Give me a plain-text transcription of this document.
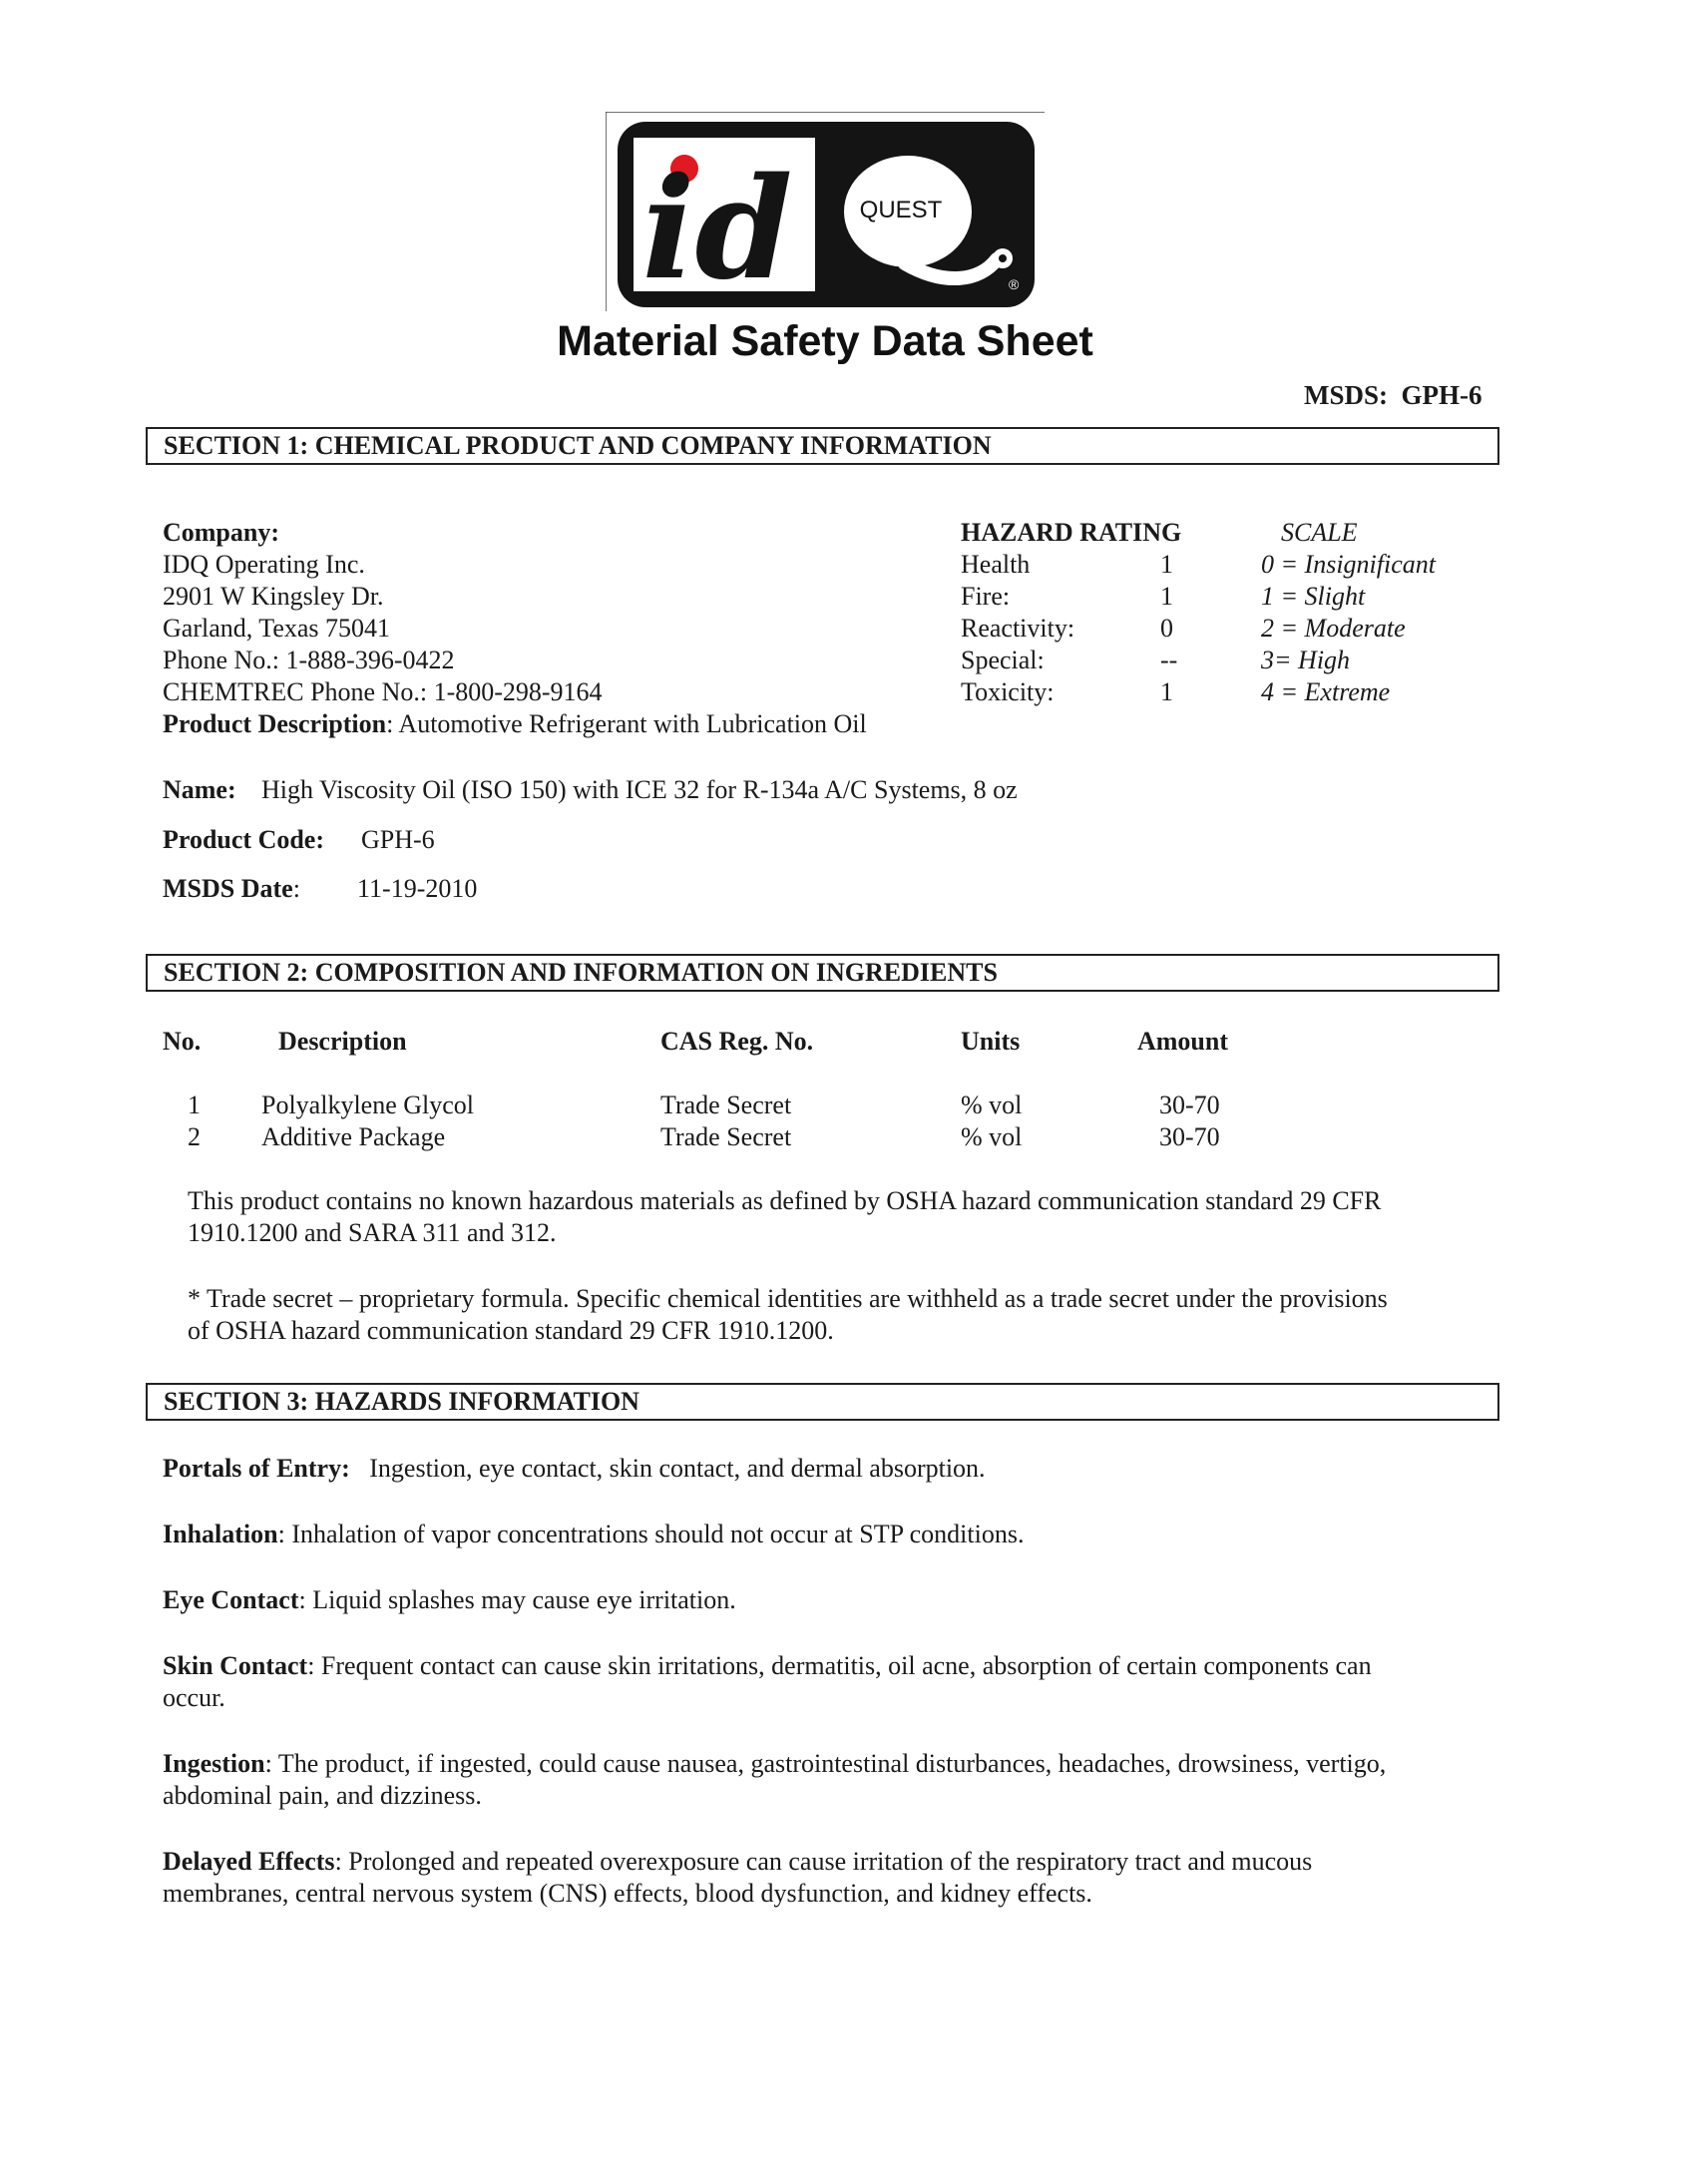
id	QUEST
®
Material Safety Data Sheet
MSDS: GPH-6
SECTION 1: CHEMICAL PRODUCT AND COMPANY INFORMATION
Company:
IDQ Operating Inc.
2901 W Kingsley Dr.
Garland, Texas 75041
Phone No.: 1-888-396-0422
CHEMTREC Phone No.: 1-800-298-9164
Product Description: Automotive Refrigerant with Lubrication Oil
HAZARD RATING	SCALE
Health	1	0 = Insignificant
Fire:	1	1 = Slight
Reactivity:	0	2 = Moderate
Special:	--	3= High
Toxicity:	1	4 = Extreme
Name: High Viscosity Oil (ISO 150) with ICE 32 for R-134a A/C Systems, 8 oz
Product Code: GPH-6
MSDS Date: 11-19-2010
SECTION 2: COMPOSITION AND INFORMATION ON INGREDIENTS
No.	Description	CAS Reg. No.	Units	Amount
1 Polyalkylene Glycol	Trade Secret	% vol	30-70
2 Additive Package	Trade Secret	% vol	30-70
This product contains no known hazardous materials as defined by OSHA hazard communication standard 29 CFR
1910.1200 and SARA 311 and 312.
* Trade secret – proprietary formula. Specific chemical identities are withheld as a trade secret under the provisions
of OSHA hazard communication standard 29 CFR 1910.1200.
SECTION 3: HAZARDS INFORMATION
Portals of Entry: Ingestion, eye contact, skin contact, and dermal absorption.
Inhalation: Inhalation of vapor concentrations should not occur at STP conditions.
Eye Contact: Liquid splashes may cause eye irritation.
Skin Contact: Frequent contact can cause skin irritations, dermatitis, oil acne, absorption of certain components can
occur.
Ingestion: The product, if ingested, could cause nausea, gastrointestinal disturbances, headaches, drowsiness, vertigo,
abdominal pain, and dizziness.
Delayed Effects: Prolonged and repeated overexposure can cause irritation of the respiratory tract and mucous
membranes, central nervous system (CNS) effects, blood dysfunction, and kidney effects.
